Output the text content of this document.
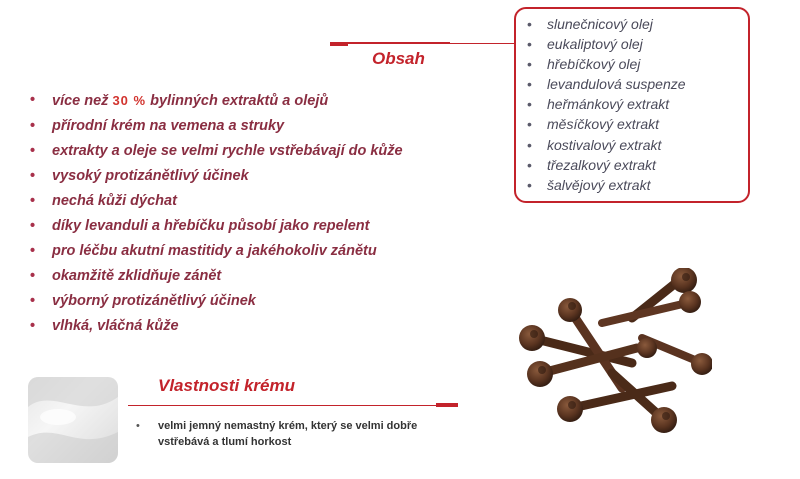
• více než 30 % bylinných extraktů a olejů
• přírodní krém na vemena a struky
• extrakty a oleje se velmi rychle vstřebávají do kůže
• vysoký protizánětlivý účinek
• nechá kůži dýchat
• díky levanduli a hřebíčku působí jako repelent
• pro léčbu akutní mastitidy a jakéhokoliv zánětu
• okamžitě zklidňuje zánět
• výborný protizánětlivý účinek
• vlhká, vláčná kůže
Obsah
• slunečnicový olej
• eukaliptový olej
• hřebíčkový olej
• levandulová suspenze
• heřmánkový extrakt
• měsíčkový extrakt
• kostivalový extrakt
• třezalkový extrakt
• šalvějový extrakt
Vlastnosti krému
• velmi jemný nemastný krém, který se velmi dobře vstřebává a tlumí horkost
